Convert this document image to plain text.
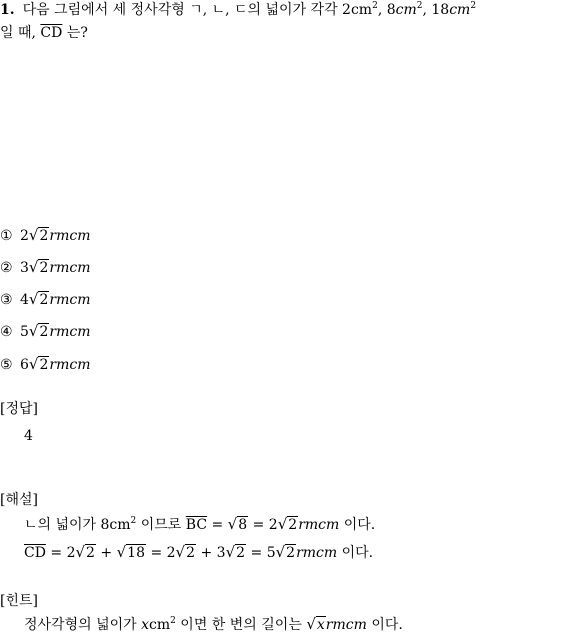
1. 다음 그림에서 세 정사각형 ㄱ, ㄴ, ㄷ의 넓이가 각각 $2cm^2$, $8cm^2$, $18cm^2$
일 때, $\overline{CD}$ 는?
① 2√2rmcm
② 3√2rmcm
③ 4√2rmcm
④ 5√2rmcm
⑤ 6√2rmcm
[정답]
4
[해설]
ㄴ의 넓이가 $8cm^2$ 이므로 $\overline{BC} = √8$ = 2√2rmcm 이다.
$\overline{CD} = 2√2 + √18 = 2√2 + 3√2$ = 5√2rmcm 이다.
[힌트]
정사각형의 넓이가 xcm$^2$ 이면 한 변의 길이는 √xrmcm 이다.
